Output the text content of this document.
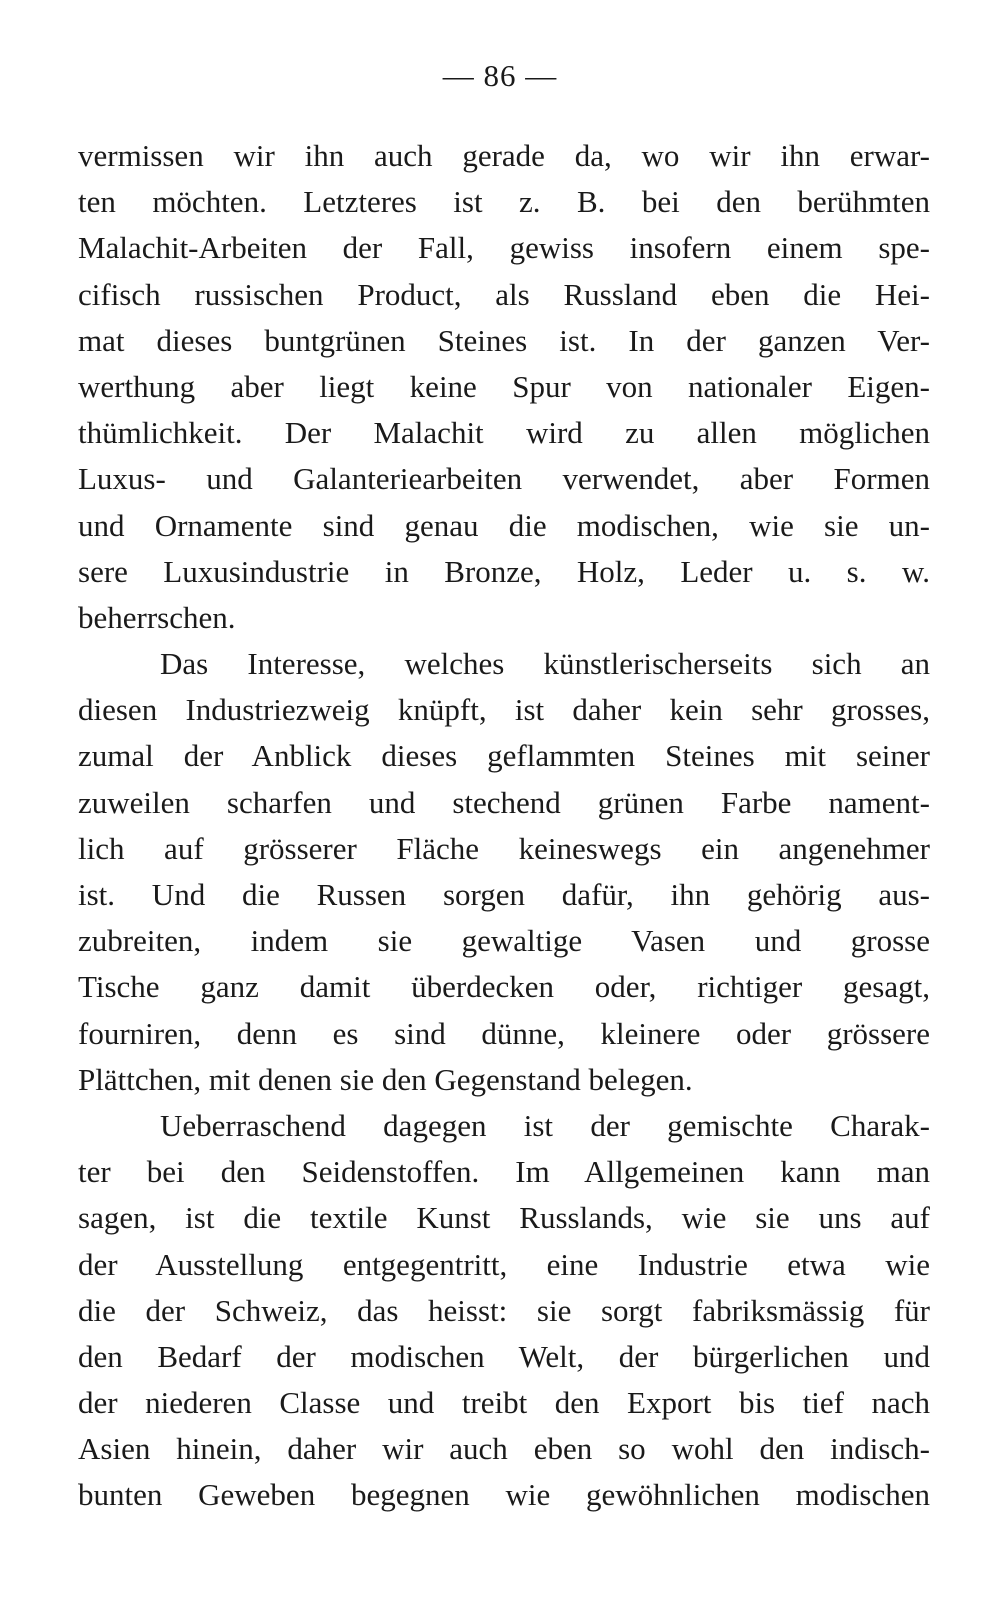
— 86 —
vermissen wir ihn auch gerade da, wo wir ihn erwar-
ten möchten. Letzteres ist z. B. bei den berühmten
Malachit-Arbeiten der Fall, gewiss insofern einem spe-
cifisch russischen Product, als Russland eben die Hei-
mat dieses buntgrünen Steines ist. In der ganzen Ver-
werthung aber liegt keine Spur von nationaler Eigen-
thümlichkeit. Der Malachit wird zu allen möglichen
Luxus- und Galanteriearbeiten verwendet, aber Formen
und Ornamente sind genau die modischen, wie sie un-
sere Luxusindustrie in Bronze, Holz, Leder u. s. w.
beherrschen.
Das Interesse, welches künstlerischerseits sich an
diesen Industriezweig knüpft, ist daher kein sehr grosses,
zumal der Anblick dieses geflammten Steines mit seiner
zuweilen scharfen und stechend grünen Farbe nament-
lich auf grösserer Fläche keineswegs ein angenehmer
ist. Und die Russen sorgen dafür, ihn gehörig aus-
zubreiten, indem sie gewaltige Vasen und grosse
Tische ganz damit überdecken oder, richtiger gesagt,
fourniren, denn es sind dünne, kleinere oder grössere
Plättchen, mit denen sie den Gegenstand belegen.
Ueberraschend dagegen ist der gemischte Charak-
ter bei den Seidenstoffen. Im Allgemeinen kann man
sagen, ist die textile Kunst Russlands, wie sie uns auf
der Ausstellung entgegentritt, eine Industrie etwa wie
die der Schweiz, das heisst: sie sorgt fabriksmässig für
den Bedarf der modischen Welt, der bürgerlichen und
der niederen Classe und treibt den Export bis tief nach
Asien hinein, daher wir auch eben so wohl den indisch-
bunten Geweben begegnen wie gewöhnlichen modischen
